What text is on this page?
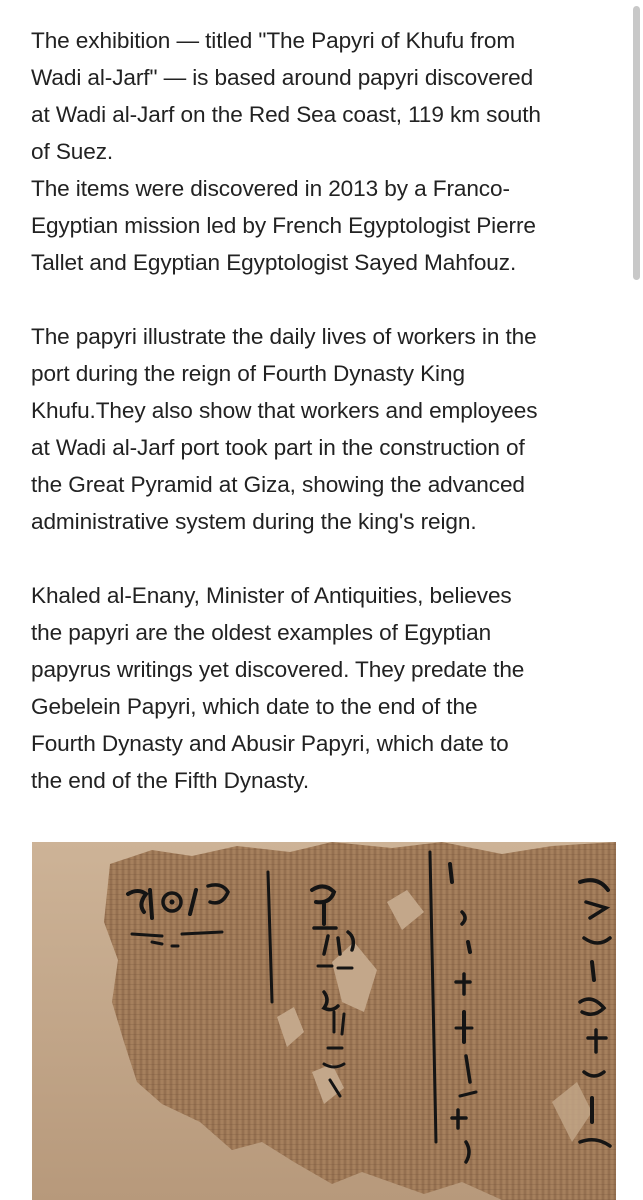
The exhibition — titled "The Papyri of Khufu from
Wadi al-Jarf" — is based around papyri discovered
at Wadi al-Jarf on the Red Sea coast, 119 km south
of Suez.
The items were discovered in 2013 by a Franco-
Egyptian mission led by French Egyptologist Pierre
Tallet and Egyptian Egyptologist Sayed Mahfouz.

The papyri illustrate the daily lives of workers in the
port during the reign of Fourth Dynasty King
Khufu.They also show that workers and employees
at Wadi al-Jarf port took part in the construction of
the Great Pyramid at Giza, showing the advanced
administrative system during the king's reign.

Khaled al-Enany, Minister of Antiquities, believes
the papyri are the oldest examples of Egyptian
papyrus writings yet discovered. They predate the
Gebelein Papyri, which date to the end of the
Fourth Dynasty and Abusir Papyri, which date to
the end of the Fifth Dynasty.
